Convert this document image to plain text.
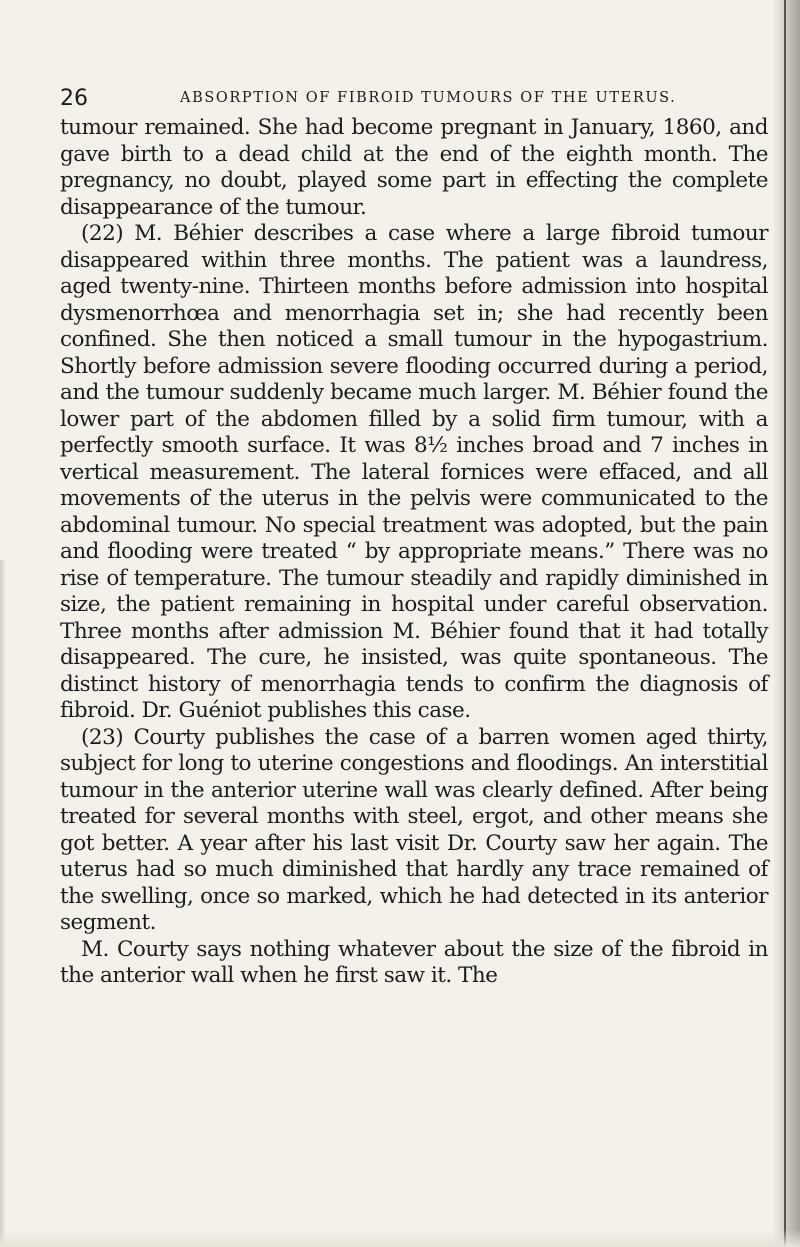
26	ABSORPTION OF FIBROID TUMOURS OF THE UTERUS.

tumour remained. She had become pregnant in January, 1860, and gave birth to a dead child at the end of the eighth month. The pregnancy, no doubt, played some part in effecting the complete disappearance of the tumour.

(22) M. Béhier describes a case where a large fibroid tumour disappeared within three months. The patient was a laundress, aged twenty-nine. Thirteen months before admission into hospital dysmenorrhœa and menorrhagia set in; she had recently been confined. She then noticed a small tumour in the hypogastrium. Shortly before admission severe flooding occurred during a period, and the tumour suddenly became much larger. M. Béhier found the lower part of the abdomen filled by a solid firm tumour, with a perfectly smooth surface. It was 8½ inches broad and 7 inches in vertical measurement. The lateral fornices were effaced, and all movements of the uterus in the pelvis were communicated to the abdominal tumour. No special treatment was adopted, but the pain and flooding were treated “ by appropriate means.” There was no rise of temperature. The tumour steadily and rapidly diminished in size, the patient remaining in hospital under careful observation. Three months after admission M. Béhier found that it had totally disappeared. The cure, he insisted, was quite spontaneous. The distinct history of menorrhagia tends to confirm the diagnosis of fibroid. Dr. Guéniot publishes this case.

(23) Courty publishes the case of a barren women aged thirty, subject for long to uterine congestions and floodings. An interstitial tumour in the anterior uterine wall was clearly defined. After being treated for several months with steel, ergot, and other means she got better. A year after his last visit Dr. Courty saw her again. The uterus had so much diminished that hardly any trace remained of the swelling, once so marked, which he had detected in its anterior segment.

M. Courty says nothing whatever about the size of the fibroid in the anterior wall when he first saw it. The
